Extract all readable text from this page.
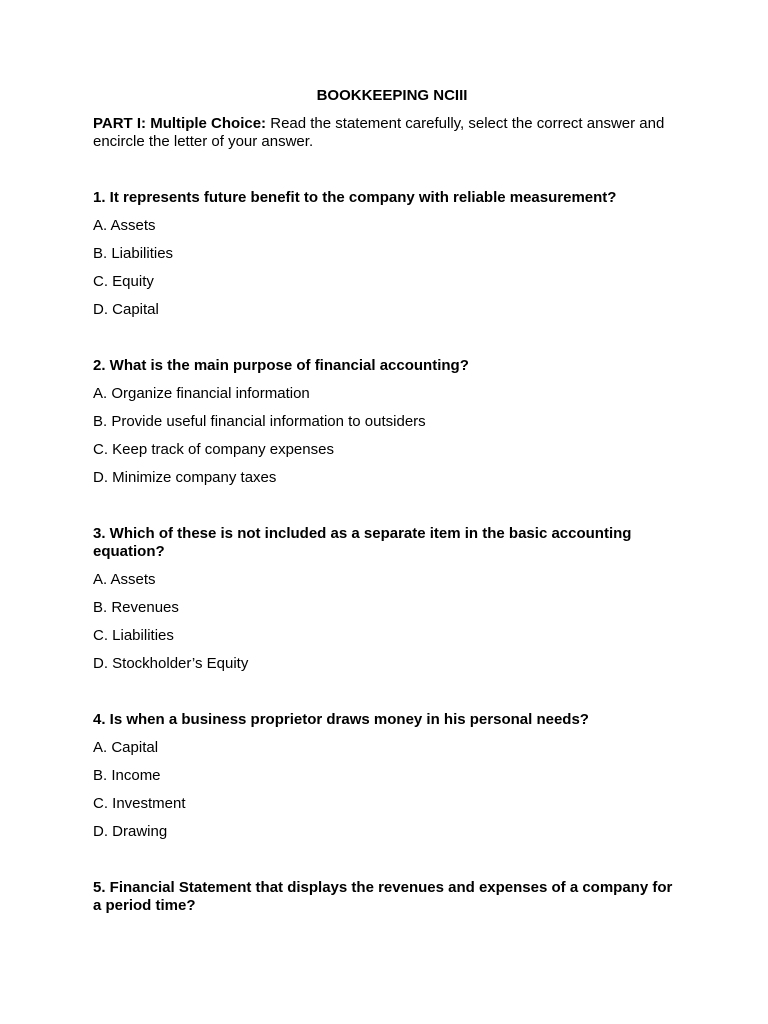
BOOKKEEPING NCIII
PART I: Multiple Choice: Read the statement carefully, select the correct answer and encircle the letter of your answer.
1. It represents future benefit to the company with reliable measurement?
A. Assets
B. Liabilities
C. Equity
D. Capital
2. What is the main purpose of financial accounting?
A. Organize financial information
B. Provide useful financial information to outsiders
C. Keep track of company expenses
D. Minimize company taxes
3. Which of these is not included as a separate item in the basic accounting equation?
A. Assets
B. Revenues
C. Liabilities
D. Stockholder’s Equity
4. Is when a business proprietor draws money in his personal needs?
A. Capital
B. Income
C. Investment
D. Drawing
5. Financial Statement that displays the revenues and expenses of a company for a period time?
